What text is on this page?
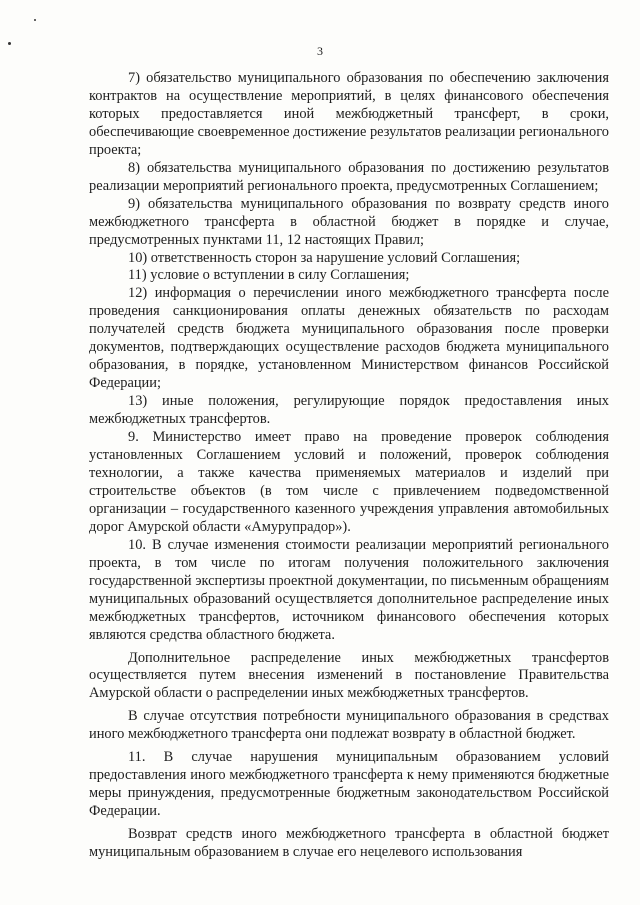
3

7) обязательство муниципального образования по обеспечению заключения контрактов на осуществление мероприятий, в целях финансового обеспечения которых предоставляется иной межбюджетный трансферт, в сроки, обеспечивающие своевременное достижение результатов реализации регионального проекта;

8) обязательства муниципального образования по достижению результатов реализации мероприятий регионального проекта, предусмотренных Соглашением;

9) обязательства муниципального образования по возврату средств иного межбюджетного трансферта в областной бюджет в порядке и случае, предусмотренных пунктами 11, 12 настоящих Правил;

10) ответственность сторон за нарушение условий Соглашения;

11) условие о вступлении в силу Соглашения;

12) информация о перечислении иного межбюджетного трансферта после проведения санкционирования оплаты денежных обязательств по расходам получателей средств бюджета муниципального образования после проверки документов, подтверждающих осуществление расходов бюджета муниципального образования, в порядке, установленном Министерством финансов Российской Федерации;

13) иные положения, регулирующие порядок предоставления иных межбюджетных трансфертов.

9. Министерство имеет право на проведение проверок соблюдения установленных Соглашением условий и положений, проверок соблюдения технологии, а также качества применяемых материалов и изделий при строительстве объектов (в том числе с привлечением подведомственной организации – государственного казенного учреждения управления автомобильных дорог Амурской области «Амурупрадор»).

10. В случае изменения стоимости реализации мероприятий регионального проекта, в том числе по итогам получения положительного заключения государственной экспертизы проектной документации, по письменным обращениям муниципальных образований осуществляется дополнительное распределение иных межбюджетных трансфертов, источником финансового обеспечения которых являются средства областного бюджета.

Дополнительное распределение иных межбюджетных трансфертов осуществляется путем внесения изменений в постановление Правительства Амурской области о распределении иных межбюджетных трансфертов.

В случае отсутствия потребности муниципального образования в средствах иного межбюджетного трансферта они подлежат возврату в областной бюджет.

11. В случае нарушения муниципальным образованием условий предоставления иного межбюджетного трансферта к нему применяются бюджетные меры принуждения, предусмотренные бюджетным законодательством Российской Федерации.

Возврат средств иного межбюджетного трансферта в областной бюджет муниципальным образованием в случае его нецелевого использования
